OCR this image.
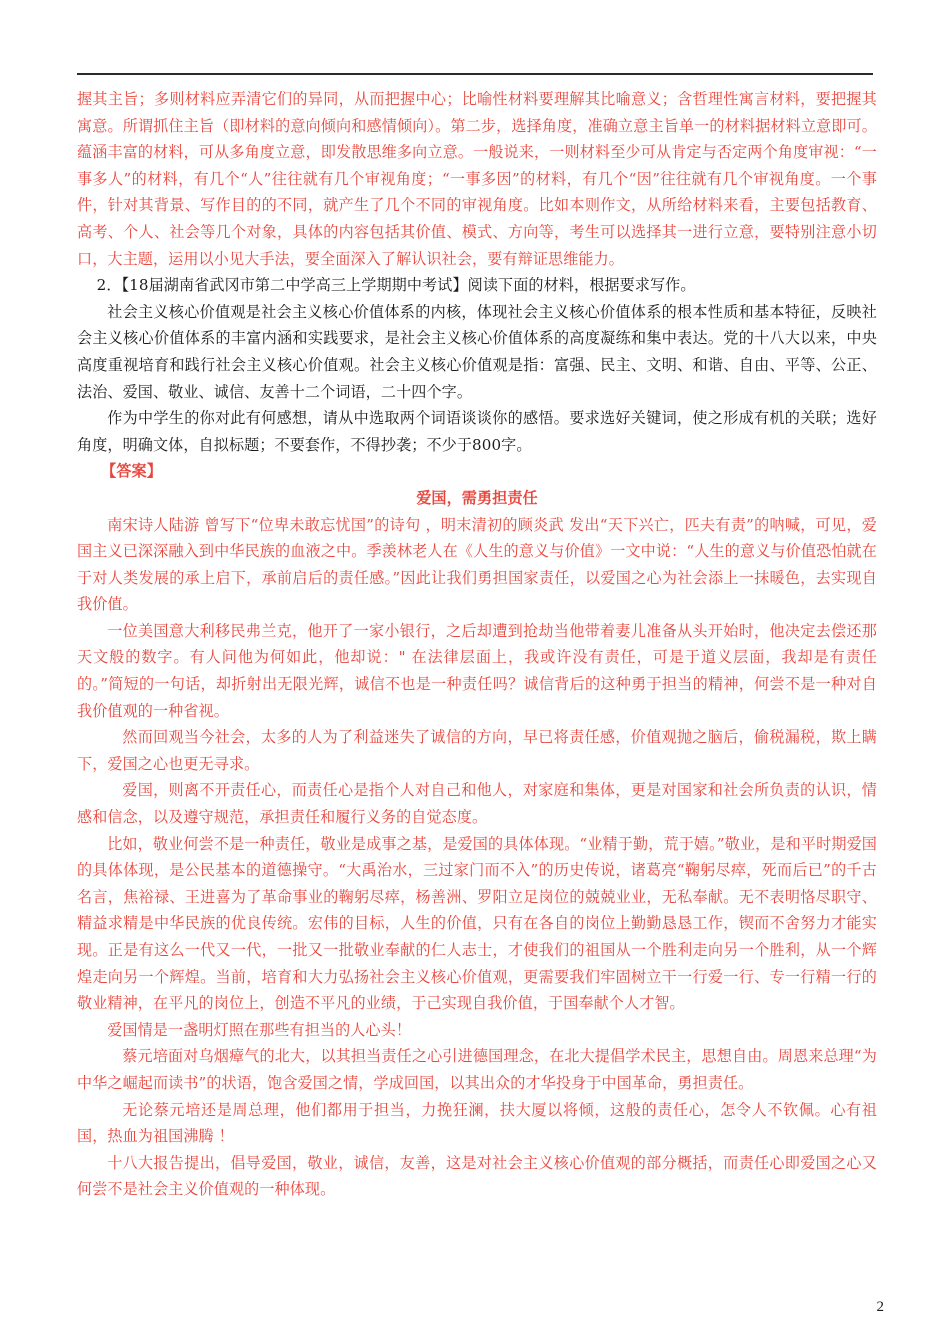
握其主旨；多则材料应弄清它们的异同，从而把握中心；比喻性材料要理解其比喻意义；含哲理性寓言材料，要把握其寓意。所谓抓住主旨（即材料的意向倾向和感情倾向）。第二步，选择角度，准确立意主旨单一的材料据材料立意即可。蕴涵丰富的材料，可从多角度立意，即发散思维多向立意。一般说来，一则材料至少可从肯定与否定两个角度审视：“一事多人”的材料，有几个“人”往往就有几个审视角度；“一事多因”的材料，有几个“因”往往就有几个审视角度。一个事件，针对其背景、写作目的的不同，就产生了几个不同的审视角度。比如本则作文，从所给材料来看，主要包括教育、高考、个人、社会等几个对象，具体的内容包括其价值、模式、方向等，考生可以选择其一进行立意，要特别注意小切口，大主题，运用以小见大手法，要全面深入了解认识社会，要有辩证思维能力。

2．【18届湖南省武冈市第二中学高三上学期期中考试】阅读下面的材料，根据要求写作。

社会主义核心价值观是社会主义核心价值体系的内核，体现社会主义核心价值体系的根本性质和基本特征，反映社会主义核心价值体系的丰富内涵和实践要求，是社会主义核心价值体系的高度凝练和集中表达。党的十八大以来，中央高度重视培育和践行社会主义核心价值观。社会主义核心价值观是指：富强、民主、文明、和谐、自由、平等、公正、法治、爱国、敬业、诚信、友善十二个词语，二十四个字。

作为中学生的你对此有何感想，请从中选取两个词语谈谈你的感悟。要求选好关键词，使之形成有机的关联；选好角度，明确文体，自拟标题；不要套作，不得抄袭；不少于800字。

【答案】

爱国，需勇担责任

南宋诗人陆游 曾写下“位卑未敢忘忧国”的诗句 ，明末清初的顾炎武 发出“天下兴亡，匹夫有责”的呐喊，可见，爱国主义已深深融入到中华民族的血液之中。季羡林老人在《人生的意义与价值》一文中说：“人生的意义与价值恐怕就在于对人类发展的承上启下，承前启后的责任感。”因此让我们勇担国家责任，以爱国之心为社会添上一抹暖色，去实现自我价值。

一位美国意大利移民弗兰克，他开了一家小银行，之后却遭到抢劫当他带着妻儿准备从头开始时，他决定去偿还那天文般的数字。有人问他为何如此，他却说：" 在法律层面上，我或许没有责任，可是于道义层面，我却是有责任的。”简短的一句话，却折射出无限光辉，诚信不也是一种责任吗？诚信背后的这种勇于担当的精神，何尝不是一种对自我价值观的一种省视。

然而回观当今社会，太多的人为了利益迷失了诚信的方向，早已将责任感，价值观抛之脑后，偷税漏税，欺上瞒下，爱国之心也更无寻求。

爱国，则离不开责任心，而责任心是指个人对自己和他人，对家庭和集体，更是对国家和社会所负责的认识，情感和信念，以及遵守规范，承担责任和履行义务的自觉态度。

比如，敬业何尝不是一种责任，敬业是成事之基，是爱国的具体体现。“业精于勤，荒于嬉。”敬业，是和平时期爱国的具体体现，是公民基本的道德操守。“大禹治水，三过家门而不入”的历史传说，诸葛亮“鞠躬尽瘁，死而后已”的千古名言，焦裕禄、王进喜为了革命事业的鞠躬尽瘁，杨善洲、罗阳立足岗位的兢兢业业，无私奉献。无不表明恪尽职守、精益求精是中华民族的优良传统。宏伟的目标，人生的价值，只有在各自的岗位上勤勤恳恳工作，锲而不舍努力才能实现。正是有这么一代又一代，一批又一批敬业奉献的仁人志士，才使我们的祖国从一个胜利走向另一个胜利，从一个辉煌走向另一个辉煌。当前，培育和大力弘扬社会主义核心价值观，更需要我们牢固树立干一行爱一行、专一行精一行的敬业精神，在平凡的岗位上，创造不平凡的业绩，于己实现自我价值，于国奉献个人才智。

爱国情是一盏明灯照在那些有担当的人心头！

蔡元培面对乌烟瘴气的北大，以其担当责任之心引进德国理念，在北大提倡学术民主，思想自由。周恩来总理“为中华之崛起而读书”的状语，饱含爱国之情，学成回国，以其出众的才华投身于中国革命，勇担责任。

无论蔡元培还是周总理，他们都用于担当，力挽狂澜，扶大厦以将倾，这般的责任心，怎令人不钦佩。心有祖国，热血为祖国沸腾 ！

十八大报告提出，倡导爱国，敬业，诚信，友善，这是对社会主义核心价值观的部分概括，而责任心即爱国之心又何尝不是社会主义价值观的一种体现。

2
